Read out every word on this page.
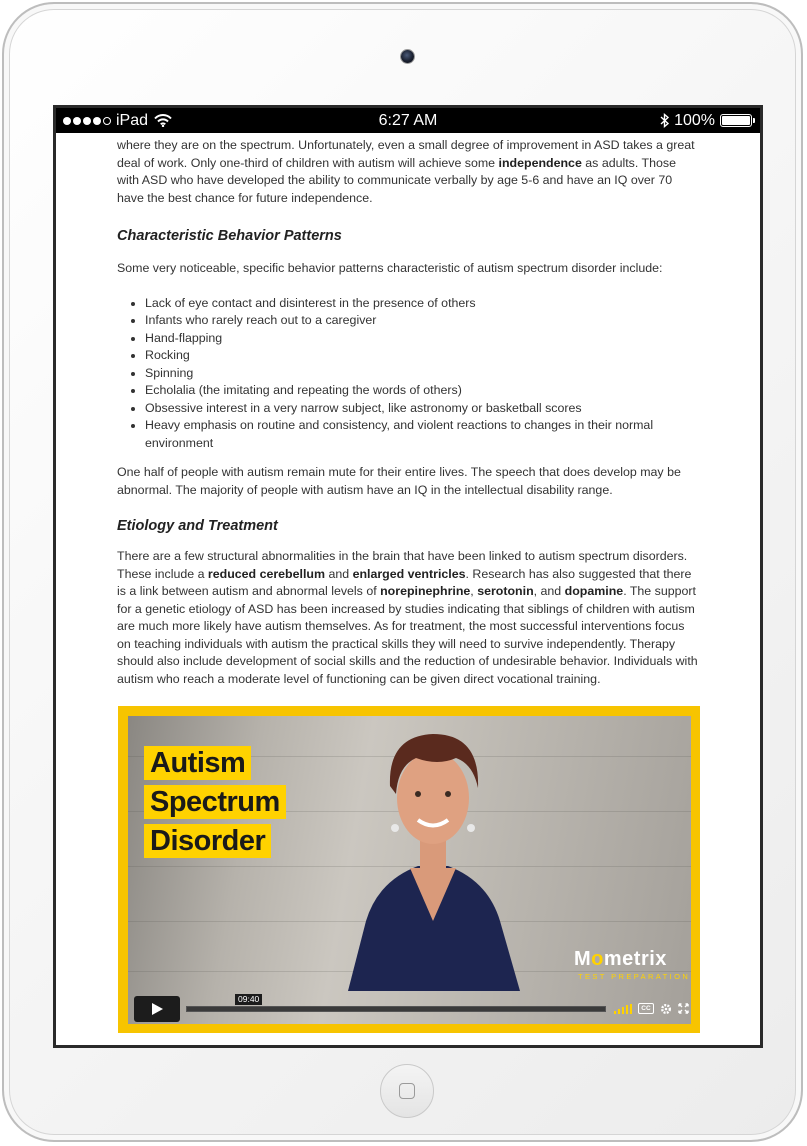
iPad	6:27 AM	100%

where they are on the spectrum. Unfortunately, even a small degree of improvement in ASD takes a great deal of work. Only one-third of children with autism will achieve some independence as adults. Those with ASD who have developed the ability to communicate verbally by age 5-6 and have an IQ over 70 have the best chance for future independence.

Characteristic Behavior Patterns

Some very noticeable, specific behavior patterns characteristic of autism spectrum disorder include:

• Lack of eye contact and disinterest in the presence of others
• Infants who rarely reach out to a caregiver
• Hand-flapping
• Rocking
• Spinning
• Echolalia (the imitating and repeating the words of others)
• Obsessive interest in a very narrow subject, like astronomy or basketball scores
• Heavy emphasis on routine and consistency, and violent reactions to changes in their normal environment

One half of people with autism remain mute for their entire lives. The speech that does develop may be abnormal. The majority of people with autism have an IQ in the intellectual disability range.

Etiology and Treatment

There are a few structural abnormalities in the brain that have been linked to autism spectrum disorders. These include a reduced cerebellum and enlarged ventricles. Research has also suggested that there is a link between autism and abnormal levels of norepinephrine, serotonin, and dopamine. The support for a genetic etiology of ASD has been increased by studies indicating that siblings of children with autism are much more likely have autism themselves. As for treatment, the most successful interventions focus on teaching individuals with autism the practical skills they will need to survive independently. Therapy should also include development of social skills and the reduction of undesirable behavior. Individuals with autism who reach a moderate level of functioning can be given direct vocational training.

Autism
Spectrum
Disorder
Mometrix
TEST PREPARATION
09:40
CC
